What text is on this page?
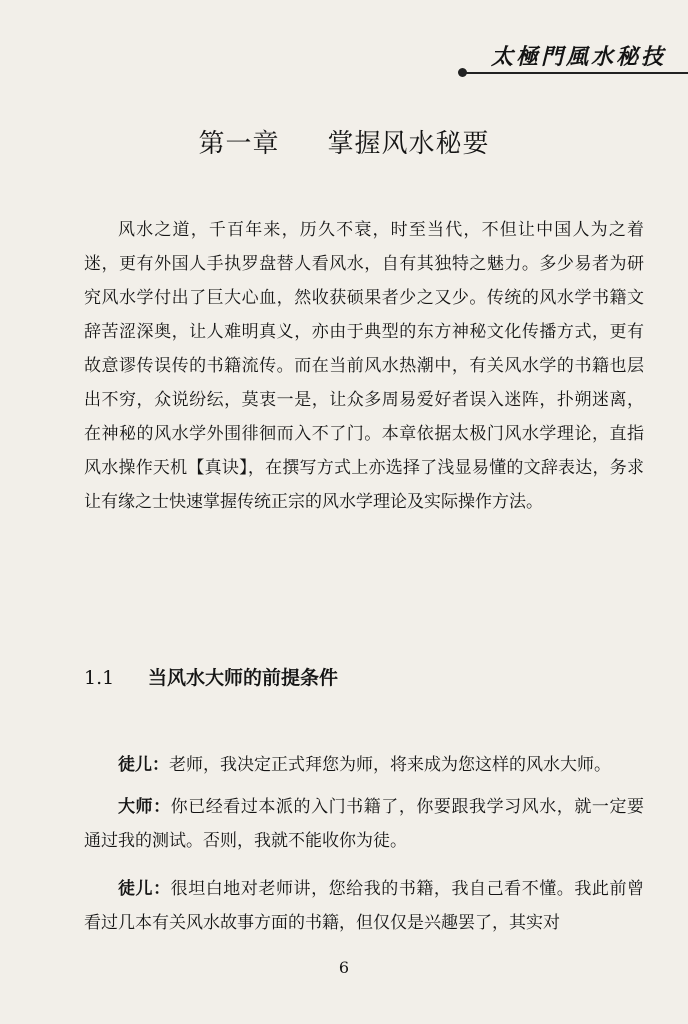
太極門風水秘技
第一章 掌握风水秘要

风水之道，千百年来，历久不衰，时至当代，不但让中国人为之着迷，更有外国人手执罗盘替人看风水，自有其独特之魅力。多少易者为研究风水学付出了巨大心血，然收获硕果者少之又少。传统的风水学书籍文辞苦涩深奥，让人难明真义，亦由于典型的东方神秘文化传播方式，更有故意谬传误传的书籍流传。而在当前风水热潮中，有关风水学的书籍也层出不穷，众说纷纭，莫衷一是，让众多周易爱好者误入迷阵，扑朔迷离，在神秘的风水学外围徘徊而入不了门。本章依据太极门风水学理论，直指风水操作天机【真诀】，在撰写方式上亦选择了浅显易懂的文辞表达，务求让有缘之士快速掌握传统正宗的风水学理论及实际操作方法。

1.1 当风水大师的前提条件

徒儿：老师，我决定正式拜您为师，将来成为您这样的风水大师。

大师：你已经看过本派的入门书籍了，你要跟我学习风水，就一定要通过我的测试。否则，我就不能收你为徒。

徒儿：很坦白地对老师讲，您给我的书籍，我自己看不懂。我此前曾看过几本有关风水故事方面的书籍，但仅仅是兴趣罢了，其实对

6
